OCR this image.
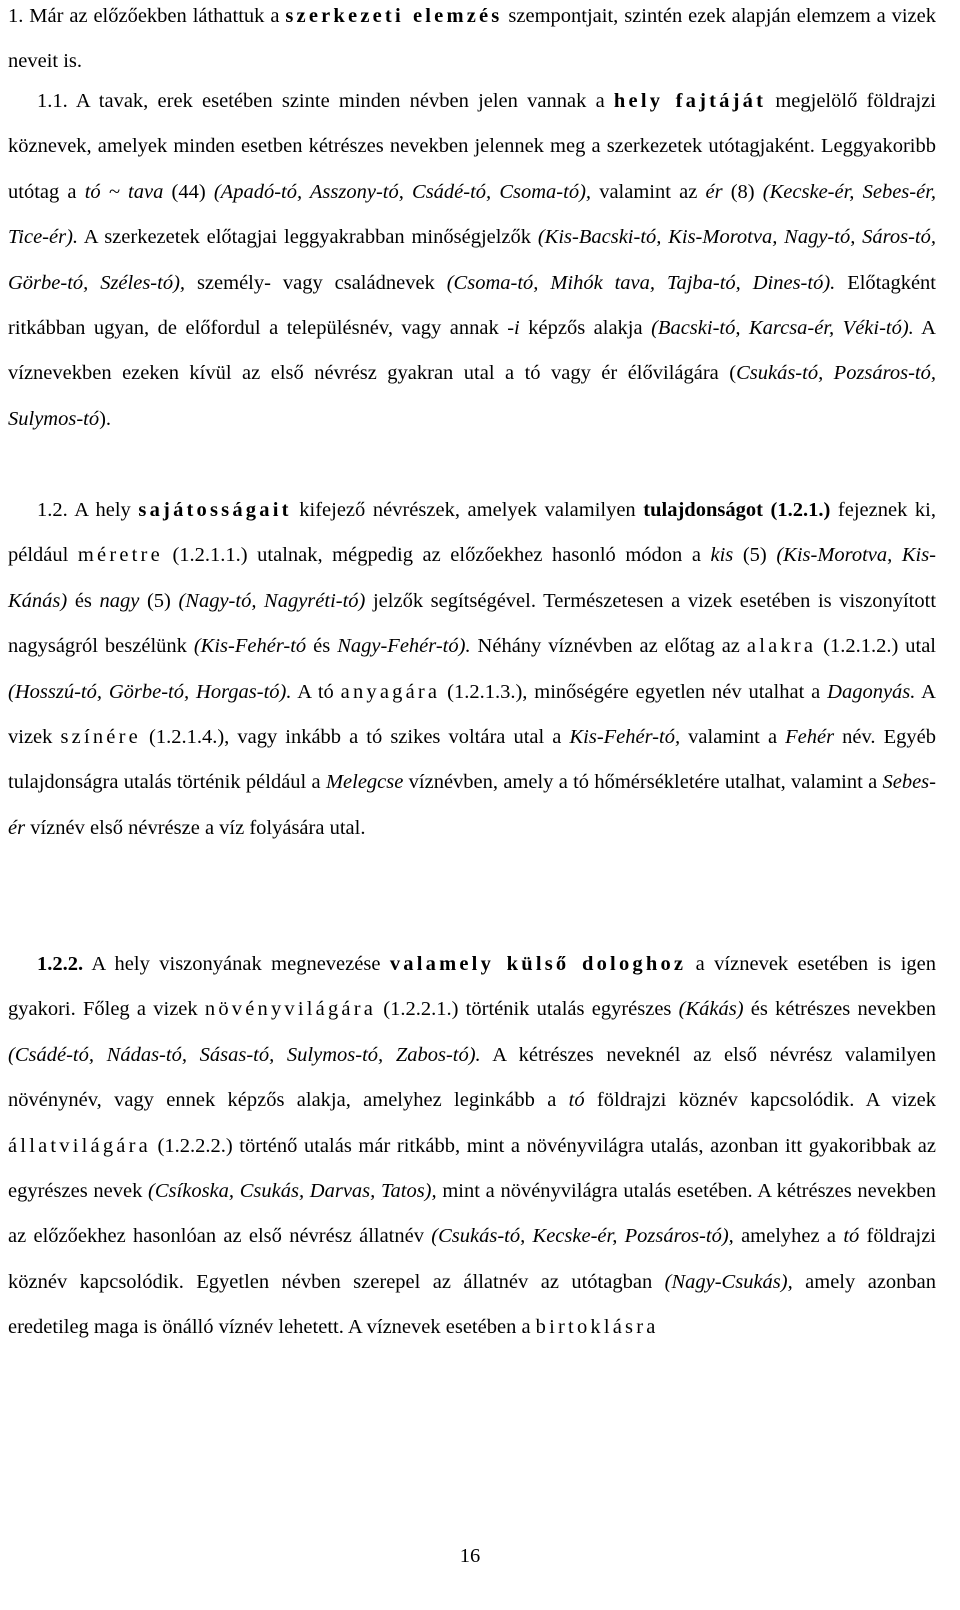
1. Már az előzőekben láthattuk a szerkezeti elemzés szempontjait, szintén ezek alapján elemzem a vizek neveit is.

1.1. A tavak, erek esetében szinte minden névben jelen vannak a hely fajtáját megjelölő földrajzi köznevek, amelyek minden esetben kétrészes nevekben jelennek meg a szerkezetek utótagjaként. Leggyakoribb utótag a tó ~ tava (44) (Apadó-tó, Asszony-tó, Csádé-tó, Csoma-tó), valamint az ér (8) (Kecske-ér, Sebes-ér, Tice-ér). A szerkezetek előtagjai leggyakrabban minőségjelzők (Kis-Bacski-tó, Kis-Morotva, Nagy-tó, Sáros-tó, Görbe-tó, Széles-tó), személy- vagy családnevek (Csoma-tó, Mihók tava, Tajba-tó, Dines-tó). Előtagként ritkábban ugyan, de előfordul a településnév, vagy annak -i képzős alakja (Bacski-tó, Karcsa-ér, Véki-tó). A víznevekben ezeken kívül az első névrész gyakran utal a tó vagy ér élővilágára (Csukás-tó, Pozsáros-tó, Sulymos-tó).

1.2. A hely sajátosságait kifejező névrészek, amelyek valamilyen tulajdonságot (1.2.1.) fejeznek ki, például méretre (1.2.1.1.) utalnak, mégpedig az előzőekhez hasonló módon a kis (5) (Kis-Morotva, Kis-Kánás) és nagy (5) (Nagy-tó, Nagyréti-tó) jelzők segítségével. Természetesen a vizek esetében is viszonyított nagyságról beszélünk (Kis-Fehér-tó és Nagy-Fehér-tó). Néhány víznévben az előtag az alakra (1.2.1.2.) utal (Hosszú-tó, Görbe-tó, Horgas-tó). A tó anyagára (1.2.1.3.), minőségére egyetlen név utalhat a Dagonyás. A vizek színére (1.2.1.4.), vagy inkább a tó szikes voltára utal a Kis-Fehér-tó, valamint a Fehér név. Egyéb tulajdonságra utalás történik például a Melegcse víznévben, amely a tó hőmérsékletére utalhat, valamint a Sebes-ér víznév első névrésze a víz folyására utal.

1.2.2. A hely viszonyának megnevezése valamely külső dologhoz a víznevek esetében is igen gyakori. Főleg a vizek növényvilágára (1.2.2.1.) történik utalás egyrészes (Kákás) és kétrészes nevekben (Csádé-tó, Nádas-tó, Sásas-tó, Sulymos-tó, Zabos-tó). A kétrészes neveknél az első névrész valamilyen növénynév, vagy ennek képzős alakja, amelyhez leginkább a tó földrajzi köznév kapcsolódik. A vizek állatvilágára (1.2.2.2.) történő utalás már ritkább, mint a növényvilágra utalás, azonban itt gyakoribbak az egyrészes nevek (Csíkoska, Csukás, Darvas, Tatos), mint a növényvilágra utalás esetében. A kétrészes nevekben az előzőekhez hasonlóan az első névrész állatnév (Csukás-tó, Kecske-ér, Pozsáros-tó), amelyhez a tó földrajzi köznév kapcsolódik. Egyetlen névben szerepel az állatnév az utótagban (Nagy-Csukás), amely azonban eredetileg maga is önálló víznév lehetett. A víznevek esetében a birtoklásra

16
